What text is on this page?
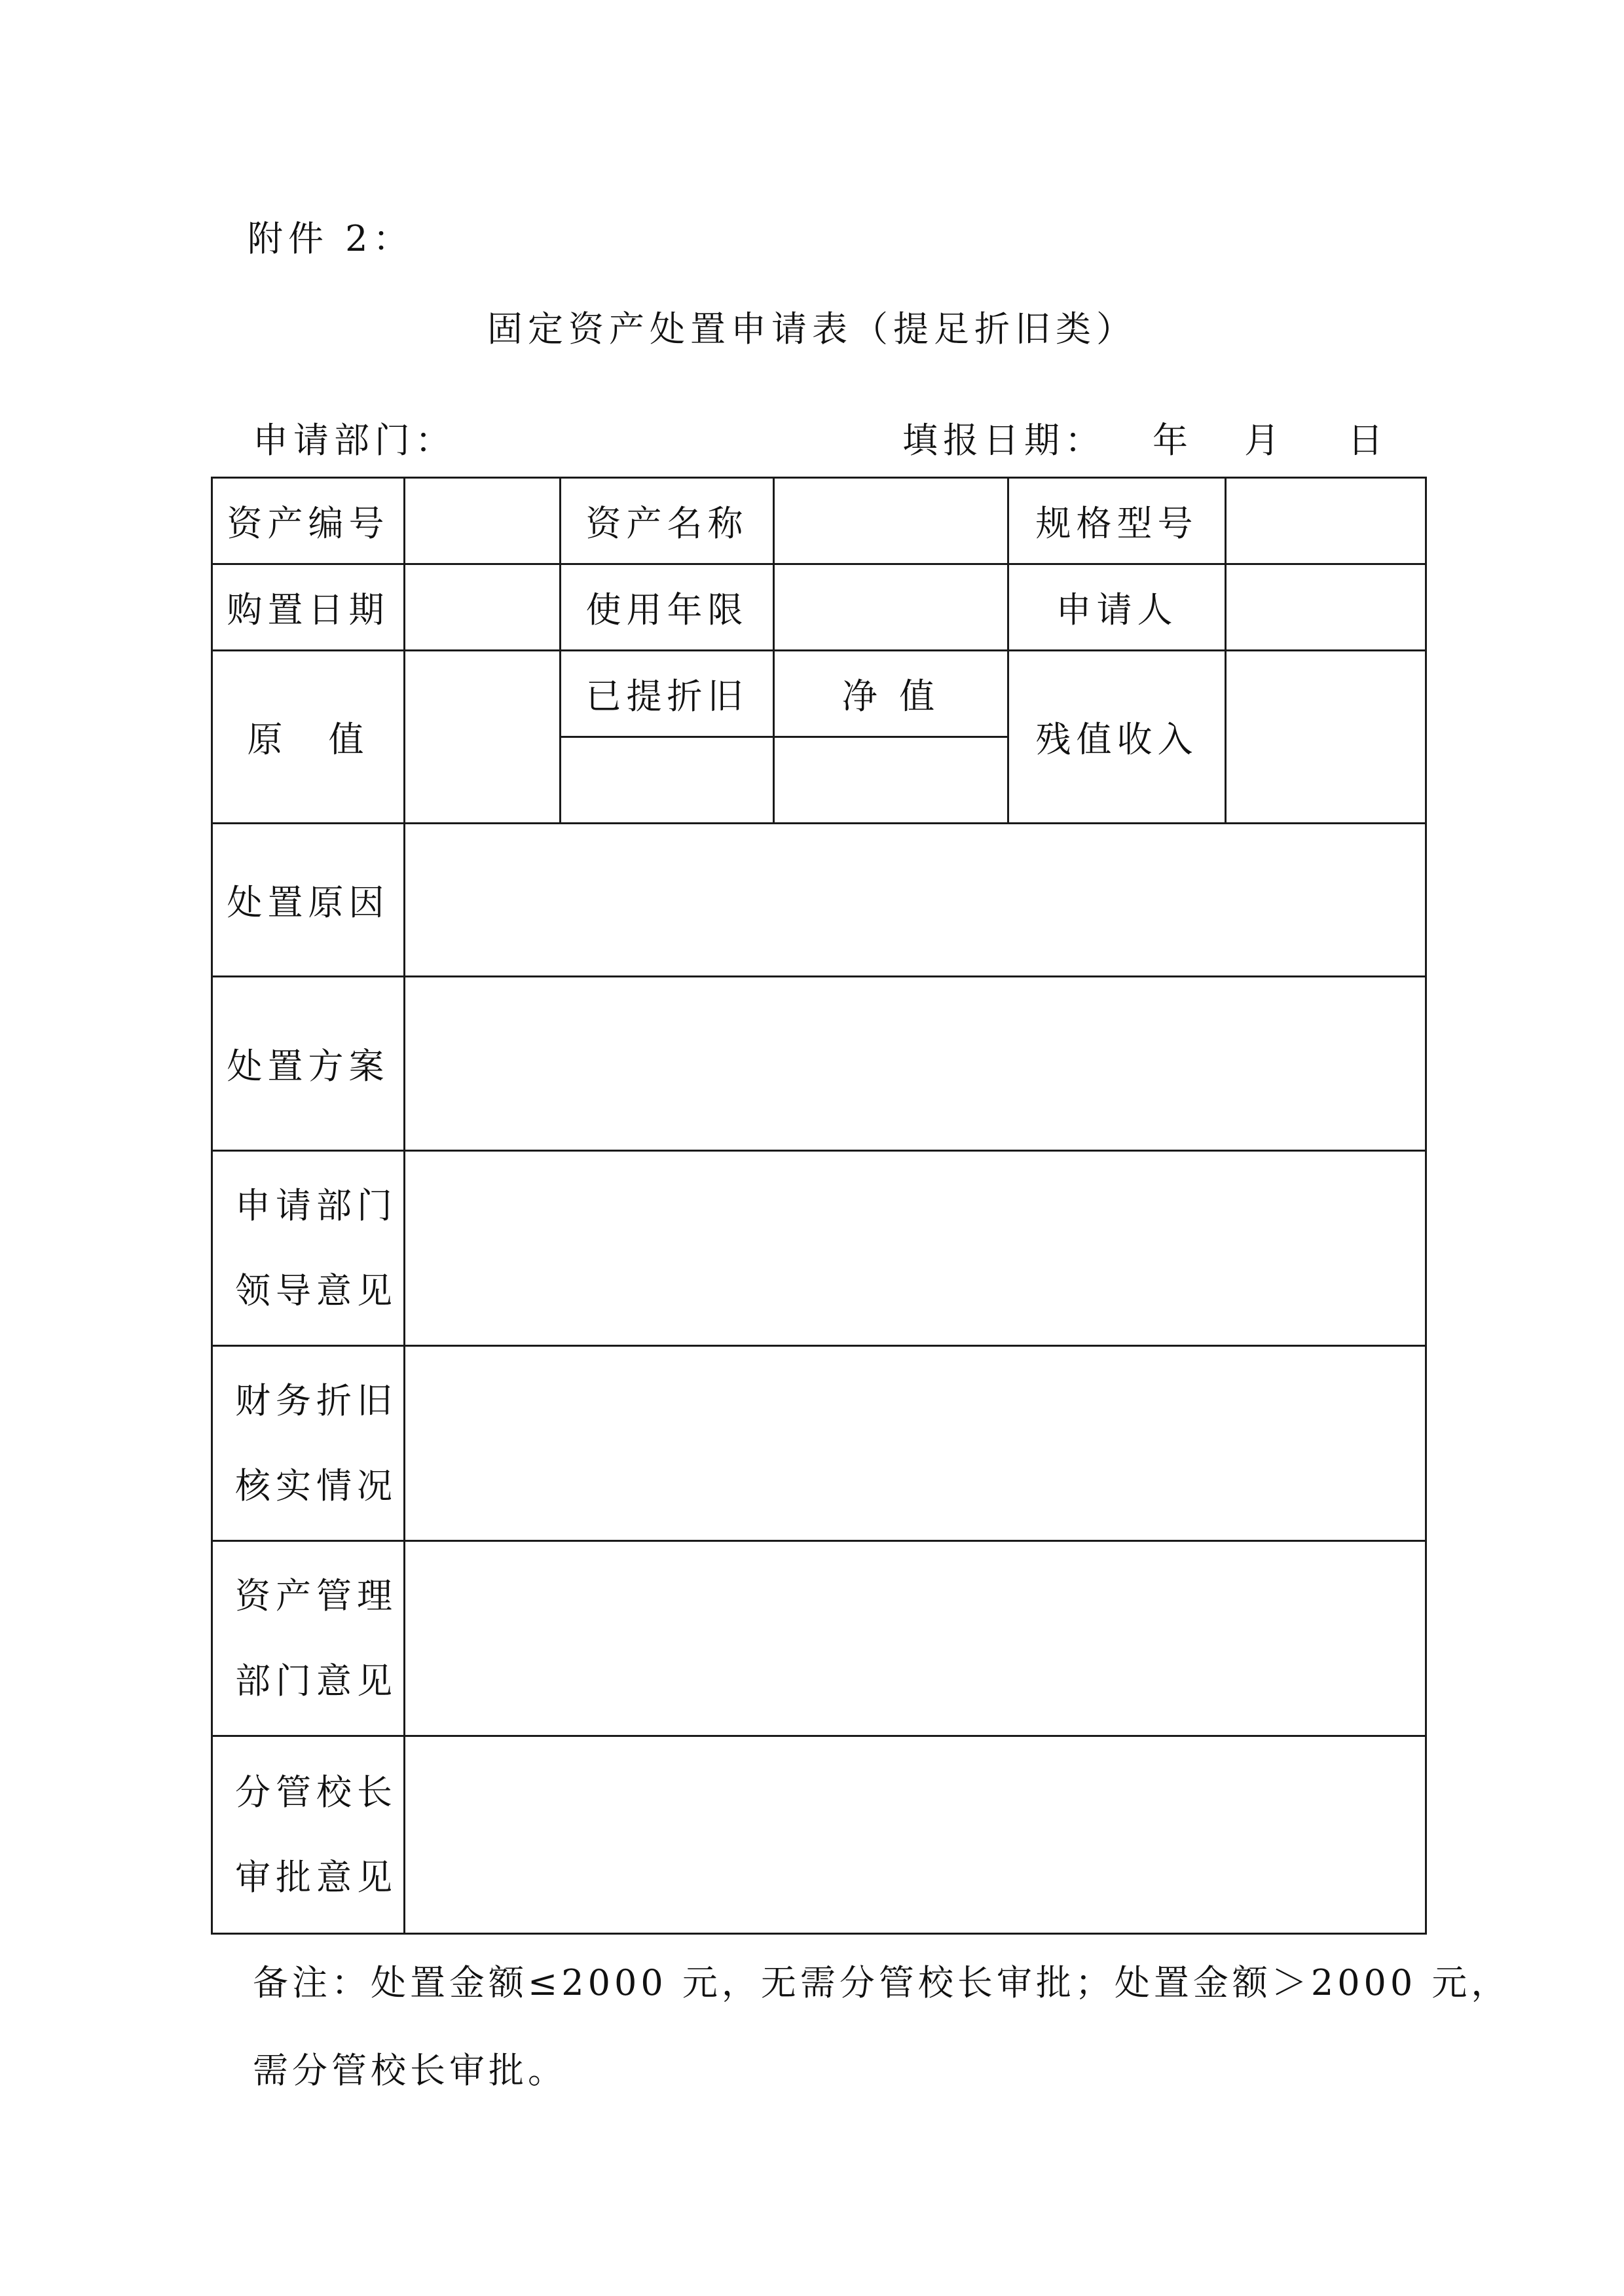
附件 2：
固定资产处置申请表（提足折旧类）
申请部门：	填报日期： 年 月 日
资产编号		资产名称		规格型号	
购置日期		使用年限		申请人	
原　值		已提折旧	净 值	残值收入	

处置原因					
处置方案					

申请部门
领导意见					

财务折旧
核实情况					

资产管理
部门意见					

分管校长
审批意见					

备注：处置金额≤2000 元，无需分管校长审批；处置金额＞2000 元，
需分管校长审批。
